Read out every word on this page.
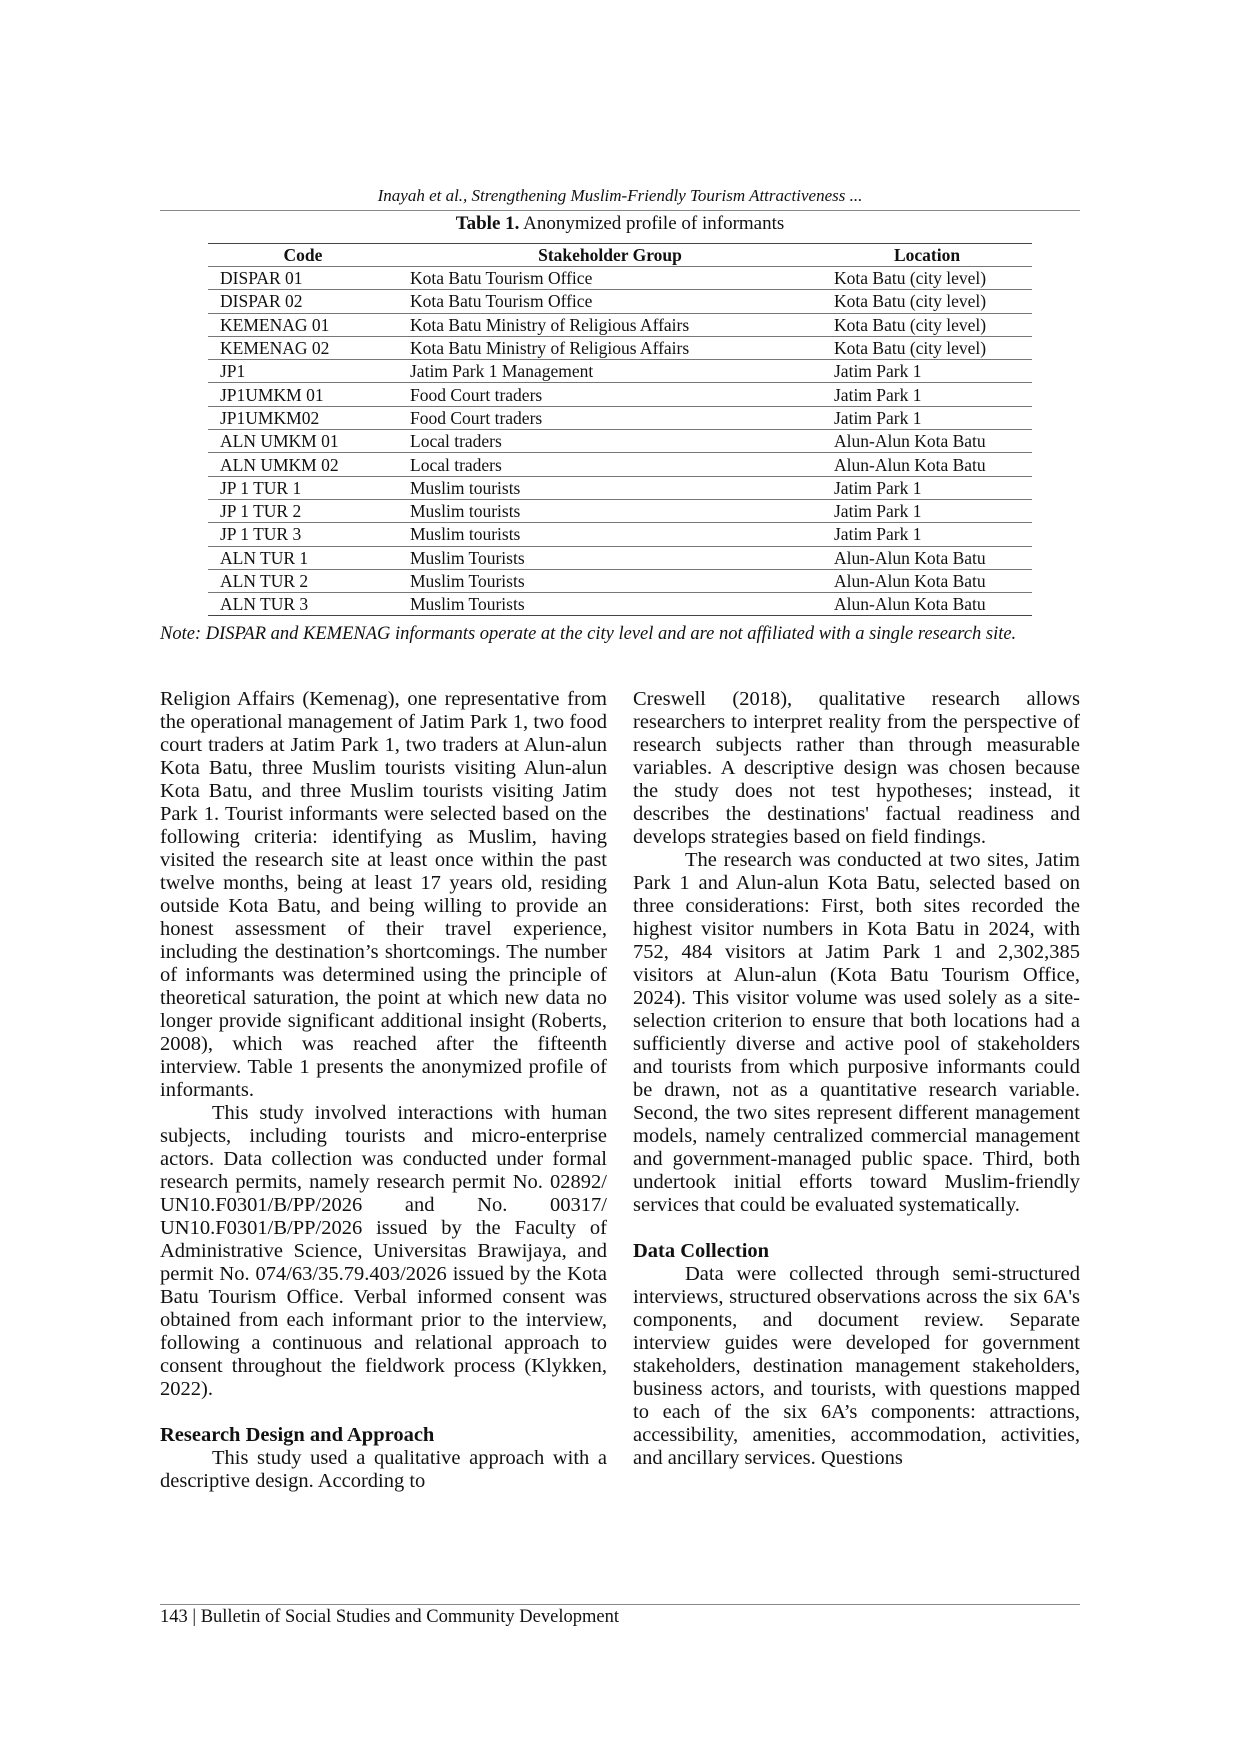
Inayah et al., Strengthening Muslim-Friendly Tourism Attractiveness ...
Table 1. Anonymized profile of informants
Code	Stakeholder Group	Location
DISPAR 01	Kota Batu Tourism Office	Kota Batu (city level)
DISPAR 02	Kota Batu Tourism Office	Kota Batu (city level)
KEMENAG 01	Kota Batu Ministry of Religious Affairs	Kota Batu (city level)
KEMENAG 02	Kota Batu Ministry of Religious Affairs	Kota Batu (city level)
JP1	Jatim Park 1 Management	Jatim Park 1
JP1UMKM 01	Food Court traders	Jatim Park 1
JP1UMKM02	Food Court traders	Jatim Park 1
ALN UMKM 01	Local traders	Alun-Alun Kota Batu
ALN UMKM 02	Local traders	Alun-Alun Kota Batu
JP 1 TUR 1	Muslim tourists	Jatim Park 1
JP 1 TUR 2	Muslim tourists	Jatim Park 1
JP 1 TUR 3	Muslim tourists	Jatim Park 1
ALN TUR 1	Muslim Tourists	Alun-Alun Kota Batu
ALN TUR 2	Muslim Tourists	Alun-Alun Kota Batu
ALN TUR 3	Muslim Tourists	Alun-Alun Kota Batu
Note: DISPAR and KEMENAG informants operate at the city level and are not affiliated with a single research site.

Religion Affairs (Kemenag), one representative from the operational management of Jatim Park 1, two food court traders at Jatim Park 1, two traders at Alun-alun Kota Batu, three Muslim tourists visiting Alun-alun Kota Batu, and three Muslim tourists visiting Jatim Park 1. Tourist informants were selected based on the following criteria: identifying as Muslim, having visited the research site at least once within the past twelve months, being at least 17 years old, residing outside Kota Batu, and being willing to provide an honest assessment of their travel experience, including the destination’s shortcomings. The number of informants was determined using the principle of theoretical saturation, the point at which new data no longer provide significant additional insight (Roberts, 2008), which was reached after the fifteenth interview. Table 1 presents the anonymized profile of informants.

This study involved interactions with human subjects, including tourists and micro-enterprise actors. Data collection was conducted under formal research permits, namely research permit No. 02892/ UN10.F0301/B/PP/2026 and No. 00317/ UN10.F0301/B/PP/2026 issued by the Faculty of Administrative Science, Universitas Brawijaya, and permit No. 074/63/35.79.403/2026 issued by the Kota Batu Tourism Office. Verbal informed consent was obtained from each informant prior to the interview, following a continuous and relational approach to consent throughout the fieldwork process (Klykken, 2022).

Research Design and Approach

This study used a qualitative approach with a descriptive design. According to

Creswell (2018), qualitative research allows researchers to interpret reality from the perspective of research subjects rather than through measurable variables. A descriptive design was chosen because the study does not test hypotheses; instead, it describes the destinations' factual readiness and develops strategies based on field findings.

The research was conducted at two sites, Jatim Park 1 and Alun-alun Kota Batu, selected based on three considerations: First, both sites recorded the highest visitor numbers in Kota Batu in 2024, with 752, 484 visitors at Jatim Park 1 and 2,302,385 visitors at Alun-alun (Kota Batu Tourism Office, 2024). This visitor volume was used solely as a site-selection criterion to ensure that both locations had a sufficiently diverse and active pool of stakeholders and tourists from which purposive informants could be drawn, not as a quantitative research variable. Second, the two sites represent different management models, namely centralized commercial management and government-managed public space. Third, both undertook initial efforts toward Muslim-friendly services that could be evaluated systematically.

Data Collection

Data were collected through semi-structured interviews, structured observations across the six 6A's components, and document review. Separate interview guides were developed for government stakeholders, destination management stakeholders, business actors, and tourists, with questions mapped to each of the six 6A’s components: attractions, accessibility, amenities, accommodation, activities, and ancillary services. Questions

143 | Bulletin of Social Studies and Community Development
